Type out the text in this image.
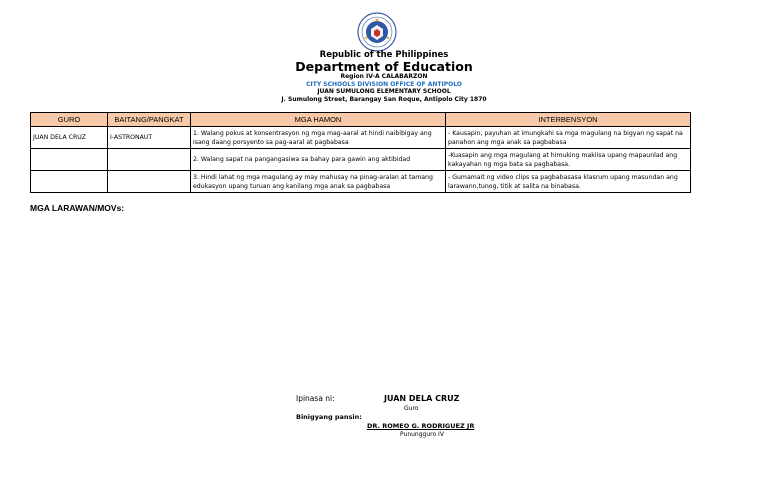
Republic of the Philippines
Department of Education
Region IV-A CALABARZON
CITY SCHOOLS DIVISION OFFICE OF ANTIPOLO
JUAN SUMULONG ELEMENTARY SCHOOL
J. Sumulong Street, Barangay San Roque, Antipolo City 1870
GURO	BAITANG/PANGKAT	MGA HAMON	INTERBENSYON
JUAN DELA CRUZ	I-ASTRONAUT	1. Walang pokus at konsentrasyon ng mga mag-aaral at hindi naibibigay ang isang daang porsyento sa pag-aaral at pagbabasa	- Kausapin, payuhan at imungkahi sa mga magulang na bigyan ng sapat na panahon ang mga anak sa pagbabasa
		2. Walang sapat na pangangasiwa sa bahay para gawin ang aktibidad	-Kuasapin ang mga magulang at himuking makiisa upang mapaunlad ang kakayahan ng mga bata sa pagbabasa.
		3. Hindi lahat ng mga magulang ay may mahusay na pinag-aralan at tamang edukasyon upang turuan ang kanilang mga anak sa pagbabasa	- Gumamait ng video clips sa pagbabasasa klasrum upang masundan ang larawann,tunog, titik at salita na binabasa.
MGA LARAWAN/MOVs:
Ipinasa ni:	JUAN DELA CRUZ
Guro
Binigyang pansin:
DR. ROMEO G. RODRIGUEZ JR
Punungguro IV
